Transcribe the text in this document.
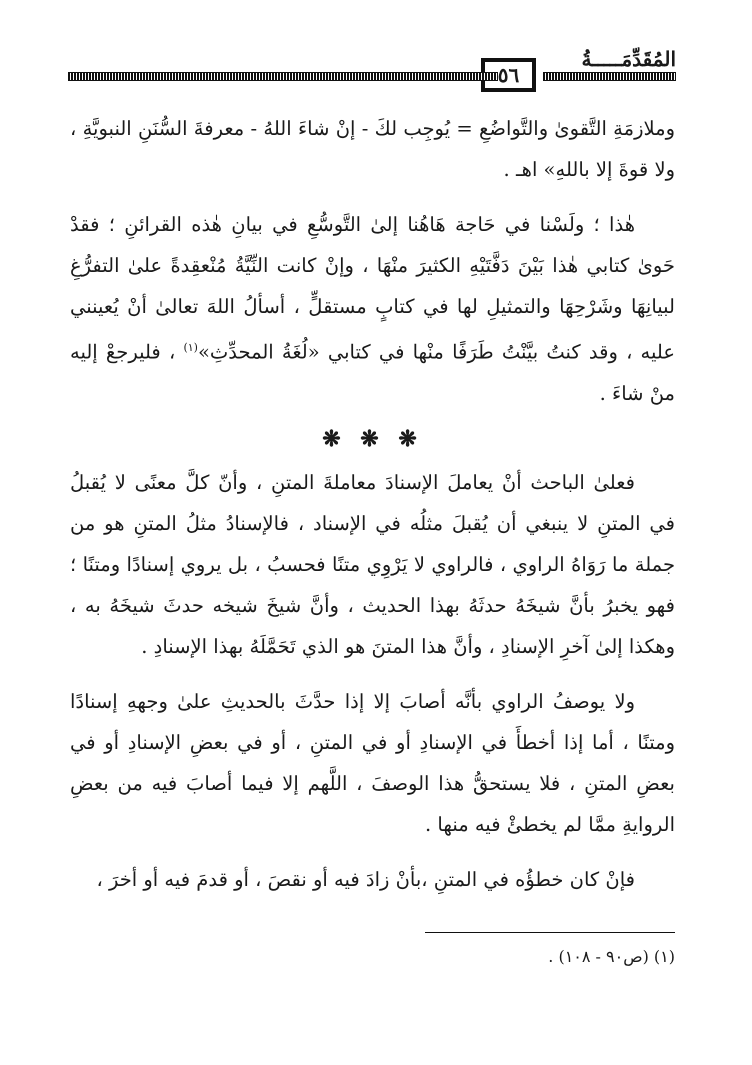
المُقَدِّمَـــــةُ
٥٦

وملازمَةِ التَّقوىٰ والتَّواضُعِ = يُوجِب لكَ - إنْ شاءَ اللهُ - معرفةَ السُّنَنِ النبويَّةِ ، ولا قوةَ إلا باللهِ» اهـ .

هٰذا ؛ ولَسْنا في حَاجة هَاهُنا إلىٰ التَّوسُّعِ في بيانِ هٰذه القرائنِ ؛ فقدْ حَوىٰ كتابي هٰذا بَيْنَ دَفَّتَيْهِ الكثيرَ منْهَا ، وإنْ كانت النِّيَّةُ مُنْعقِدةً علىٰ التفرُّغِ لبيانِهَا وشَرْحِهَا والتمثيلِ لها في كتابٍ مستقلٍّ ، أسألُ اللهَ تعالىٰ أنْ يُعينني عليه ، وقد كنتُ بيَّنْتُ طَرَفًا منْها في كتابي «لُغَةُ المحدِّثِ»$^{(١)}$ ، فليرجعْ إليه منْ شاءَ .

❋ ❋ ❋

فعلىٰ الباحث أنْ يعاملَ الإسنادَ معاملةَ المتنِ ، وأنّ كلَّ معنًى لا يُقبلُ في المتنِ لا ينبغي أن يُقبلَ مثلُه في الإسناد ، فالإسنادُ مثلُ المتنِ هو من جملة ما رَوَاهُ الراوي ، فالراوي لا يَرْوِي متنًا فحسبُ ، بل يروي إسنادًا ومتنًا ؛ فهو يخبرُ بأنَّ شيخَهُ حدثَهُ بهذا الحديث ، وأنَّ شيخَ شيخه حدثَ شيخَهُ به ، وهكذا إلىٰ آخرِ الإسنادِ ، وأنَّ هذا المتنَ هو الذي تَحَمَّلَهُ بهذا الإسنادِ .

ولا يوصفُ الراوي بأنَّه أصابَ إلا إذا حدَّثَ بالحديثِ علىٰ وجههِ إسنادًا ومتنًا ، أما إذا أخطأَ في الإسنادِ أو في المتنِ ، أو في بعضِ الإسنادِ أو في بعضِ المتنِ ، فلا يستحقُّ هذا الوصفَ ، اللَّهم إلا فيما أصابَ فيه من بعضِ الروايةِ ممَّا لم يخطئْ فيه منها .

فإنْ كان خطؤُه في المتنِ ،بأنْ زادَ فيه أو نقصَ ، أو قدمَ فيه أو أخرَ ،

(١) (ص٩٠ - ١٠٨) .
